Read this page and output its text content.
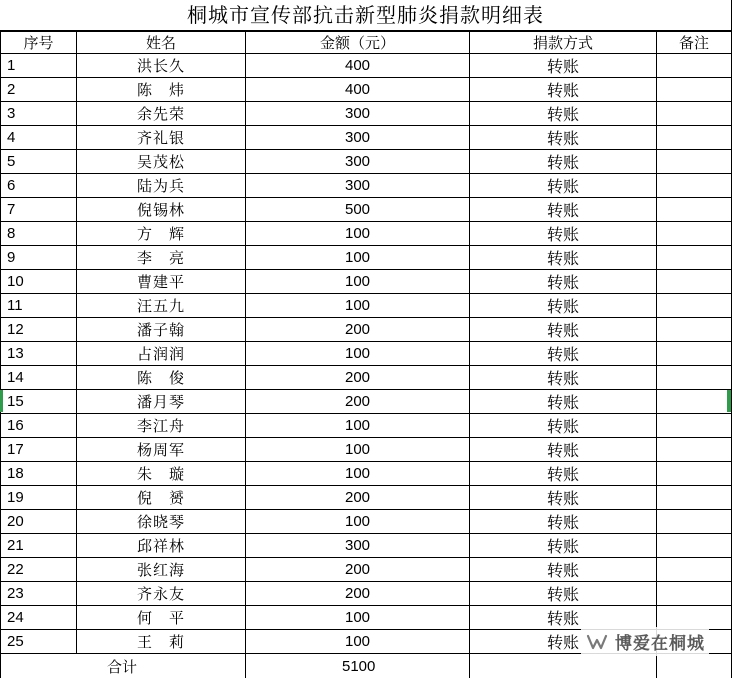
桐城市宣传部抗击新型肺炎捐款明细表
序号	姓名	金额（元）	捐款方式	备注
1	洪长久	400	转账	
2	陈　炜	400	转账	
3	余先荣	300	转账	
4	齐礼银	300	转账	
5	吴茂松	300	转账	
6	陆为兵	300	转账	
7	倪锡林	500	转账	
8	方　辉	100	转账	
9	李　亮	100	转账	
10	曹建平	100	转账	
11	汪五九	100	转账	
12	潘子翰	200	转账	
13	占润润	100	转账	
14	陈　俊	200	转账	
15	潘月琴	200	转账	
16	李江舟	100	转账	
17	杨周军	100	转账	
18	朱　璇	100	转账	
19	倪　赟	200	转账	
20	徐晓琴	100	转账	
21	邱祥林	300	转账	
22	张红海	200	转账	
23	齐永友	200	转账	
24	何　平	100	转账	
25	王　莉	100	转账	
合计		5100		
博爱在桐城
